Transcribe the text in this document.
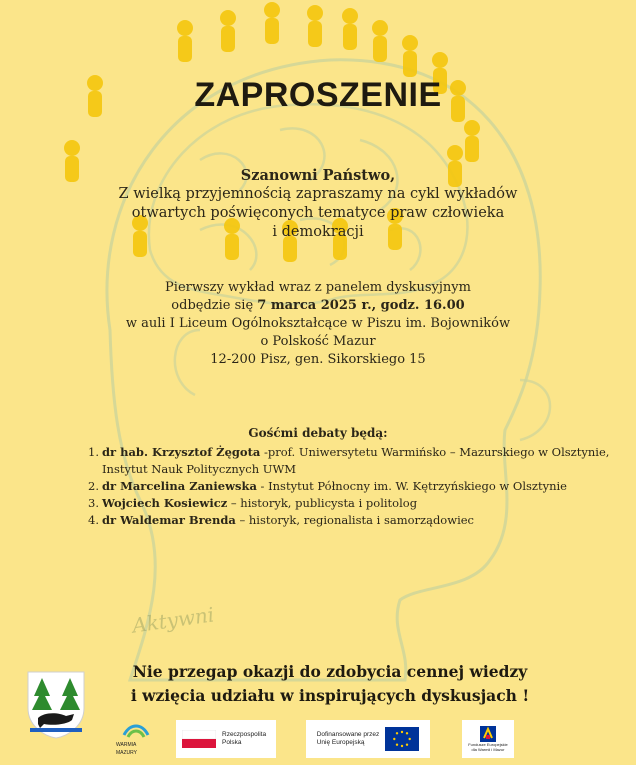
ZAPROSZENIE
Szanowni Państwo,
Z wielką przyjemnością zapraszamy na cykl wykładów
otwartych poświęconych tematyce praw człowieka
i demokracji
Pierwszy wykład wraz z panelem dyskusyjnym
odbędzie się 7 marca 2025 r., godz. 16.00
w auli I Liceum Ogólnokształcące w Piszu im. Bojowników
o Polskość Mazur
12-200 Pisz, gen. Sikorskiego 15
Gośćmi debaty będą:
1. dr hab. Krzysztof Żęgota -prof. Uniwersytetu Warmińsko – Mazurskiego w Olsztynie,
Instytut Nauk Politycznych UWM
2. dr Marcelina Zaniewska - Instytut Północny im. W. Kętrzyńskiego w Olsztynie
3. Wojciech Kosiewicz – historyk, publicysta i politolog
4. dr Waldemar Brenda – historyk, regionalista i samorządowiec
Aktywni
Nie przegap okazji do zdobycia cennej wiedzy
i wzięcia udziału w inspirujących dyskusjach !
WARMIA MAZURY
Rzeczpospolita
Polska
Dofinansowane przez
Unię Europejską	Fundusze Europejskie
dla Warmii i Mazur
